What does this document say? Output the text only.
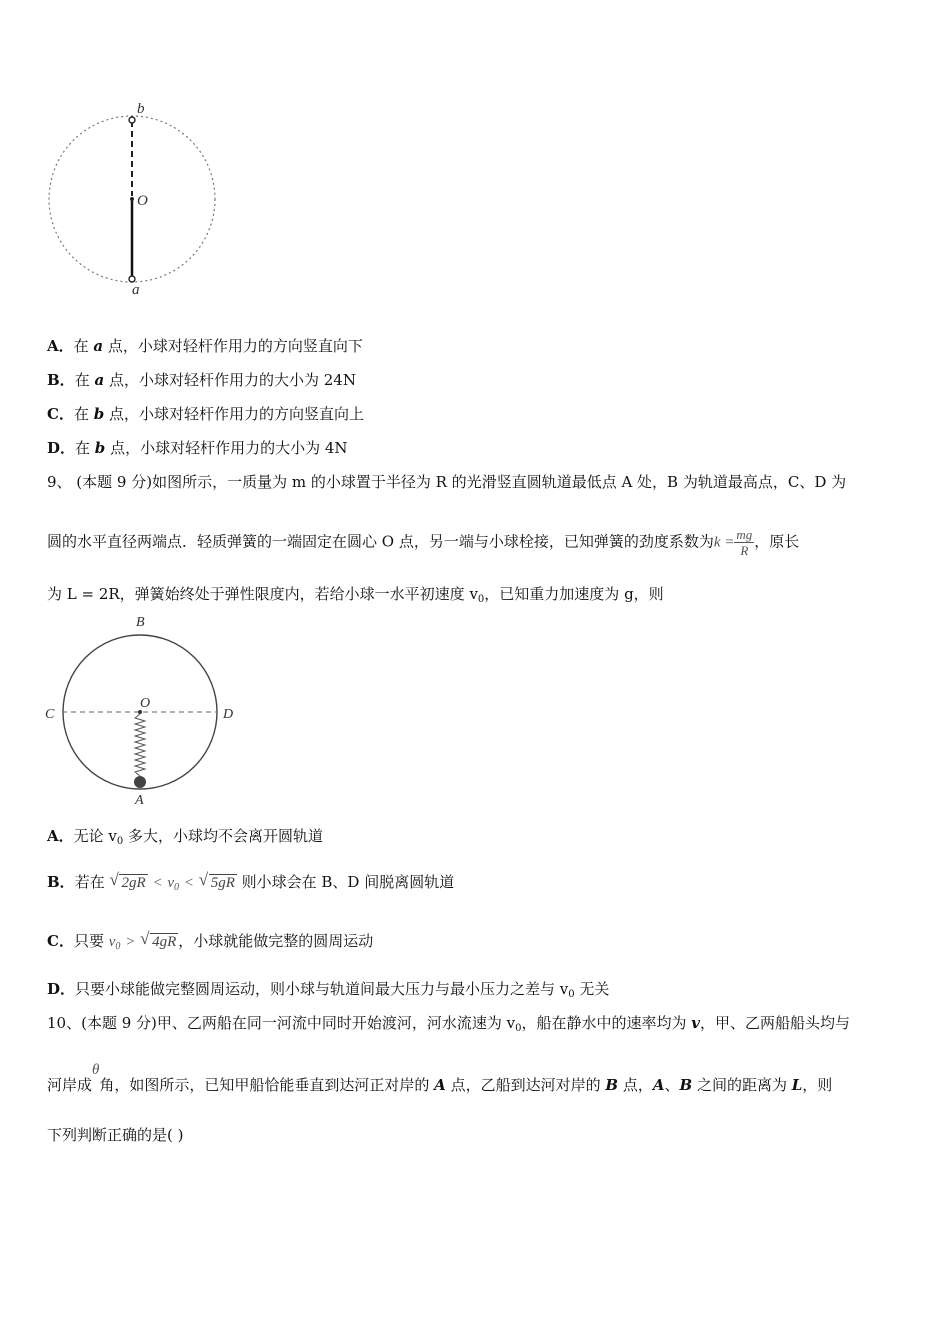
b
O
a
A．在 a 点，小球对轻杆作用力的方向竖直向下
B．在 a 点，小球对轻杆作用力的大小为 24N
C．在 b 点，小球对轻杆作用力的方向竖直向上
D．在 b 点，小球对轻杆作用力的大小为 4N
9、 (本题 9 分)如图所示，一质量为 m 的小球置于半径为 R 的光滑竖直圆轨道最低点 A 处，B 为轨道最高点，C、D 为
圆的水平直径两端点．轻质弹簧的一端固定在圆心 O 点，另一端与小球栓接，已知弹簧的劲度系数为$k = \frac{mg}{R}$ ，原长
为 L = 2R，弹簧始终处于弹性限度内，若给小球一水平初速度 $v_0$，已知重力加速度为 g，则
B
O
C	D
A
A．无论 $v_0$ 多大，小球均不会离开圆轨道
B．若在 √ $2gR < v_0$ < √ 5gR 则小球会在 B、D 间脱离圆轨道
C．只要 $v_0$ > √ 4gR ，小球就能做完整的圆周运动
D．只要小球能做完整圆周运动，则小球与轨道间最大压力与最小压力之差与 $v_0$ 无关
10、(本题 9 分)甲、乙两船在同一河流中同时开始渡河，河水流速为 $v_0$，船在静水中的速率均为 v，甲、乙两船船头均与
河岸成θ角，如图所示，已知甲船恰能垂直到达河正对岸的 A 点，乙船到达河对岸的 B 点，A、B 之间的距离为 L，则
下列判断正确的是( )
